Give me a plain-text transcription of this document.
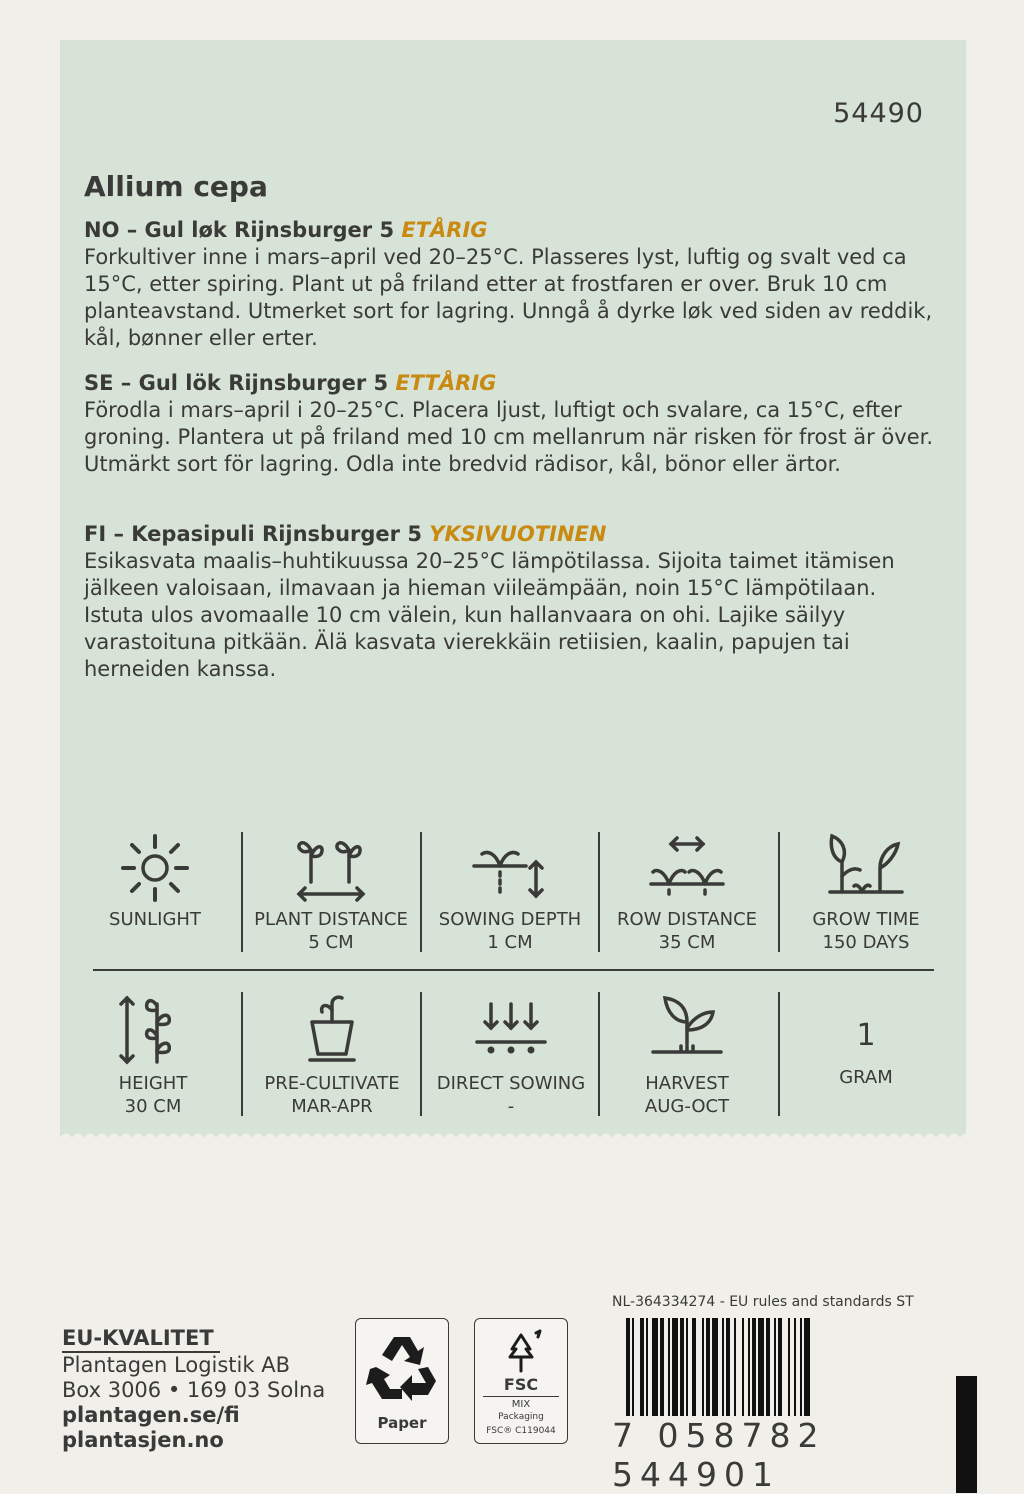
54490
Allium cepa
NO – Gul løk Rijnsburger 5 ETÅRIG
Forkultiver inne i mars–april ved 20–25°C. Plasseres lyst, luftig og svalt ved ca 15°C, etter spiring. Plant ut på friland etter at frostfaren er over. Bruk 10 cm planteavstand. Utmerket sort for lagring. Unngå å dyrke løk ved siden av reddik, kål, bønner eller erter.
SE – Gul lök Rijnsburger 5 ETTÅRIG
Förodla i mars–april i 20–25°C. Placera ljust, luftigt och svalare, ca 15°C, efter groning. Plantera ut på friland med 10 cm mellanrum när risken för frost är över. Utmärkt sort för lagring. Odla inte bredvid rädisor, kål, bönor eller ärtor.
FI – Kepasipuli Rijnsburger 5 YKSIVUOTINEN
Esikasvata maalis–huhtikuussa 20–25°C lämpötilassa. Sijoita taimet itämisen jälkeen valoisaan, ilmavaan ja hieman viileämpään, noin 15°C lämpötilaan. Istuta ulos avomaalle 10 cm välein, kun hallanvaara on ohi. Lajike säilyy varastoituna pitkään. Älä kasvata vierekkäin retiisien, kaalin, papujen tai herneiden kanssa.
SUNLIGHT	PLANT DISTANCE
5 CM
SOWING DEPTH
1 CM
ROW DISTANCE
35 CM
GROW TIME
150 DAYS
HEIGHT
30 CM
PRE-CULTIVATE
MAR-APR
DIRECT SOWING
-
HARVEST
AUG-OCT
1
GRAM
EU-KVALITET
Plantagen Logistik AB
Box 3006 • 169 03 Solna
plantagen.se/fi
plantasjen.no
Paper
FSC
MIX
Packaging
FSC® C119044
NL-364334274 - EU rules and standards ST
7 058782 544901
